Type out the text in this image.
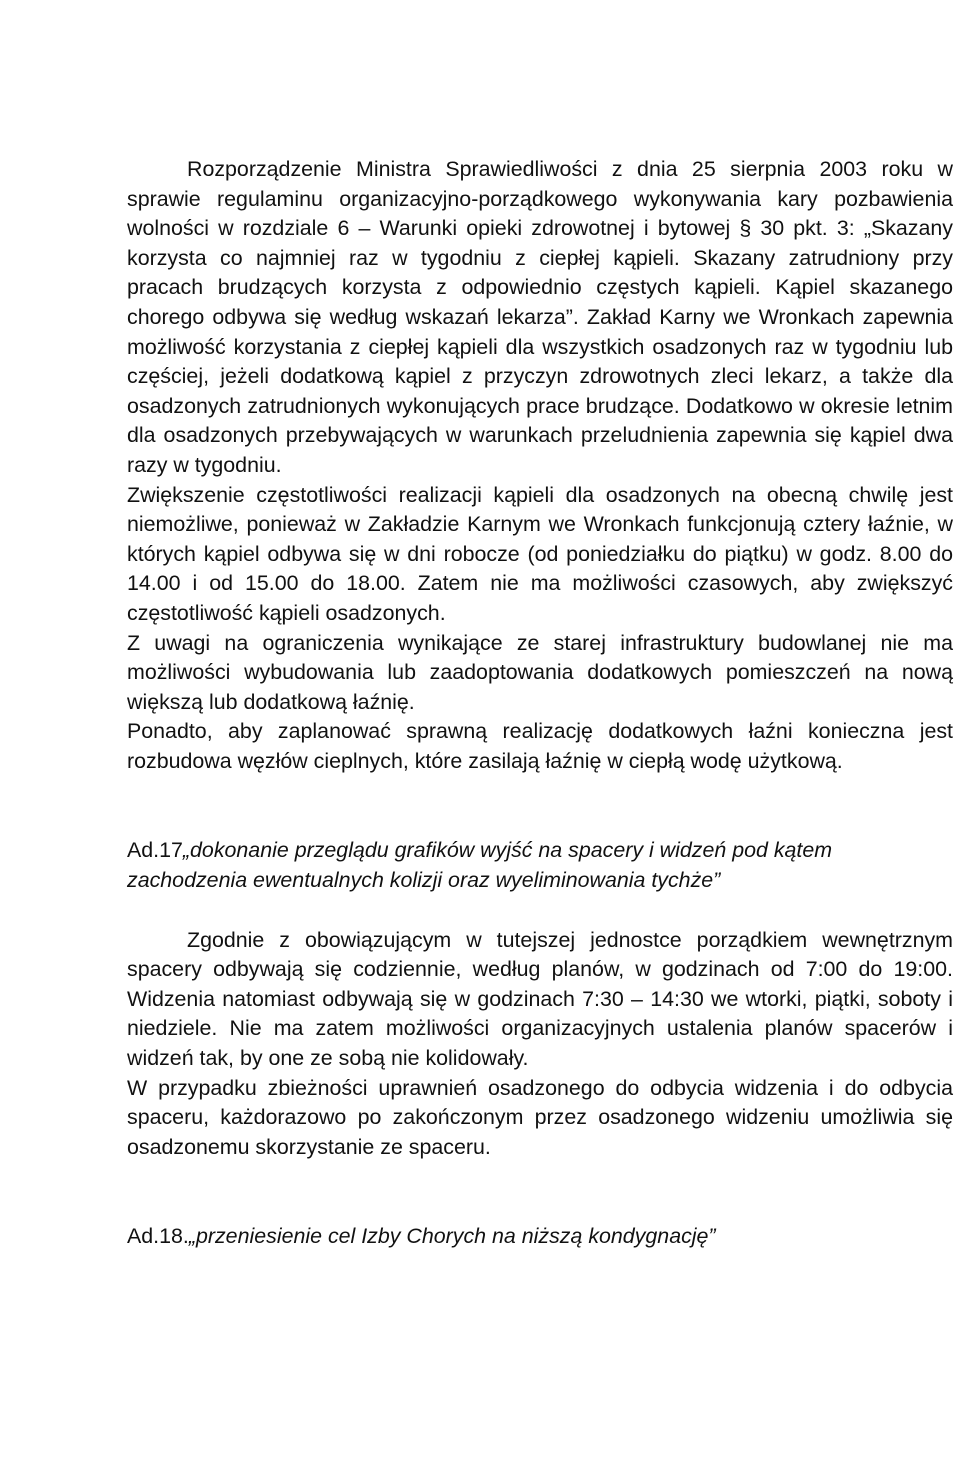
Rozporządzenie Ministra Sprawiedliwości z dnia 25 sierpnia 2003 roku w sprawie regulaminu organizacyjno-porządkowego wykonywania kary pozbawienia wolności w rozdziale 6 – Warunki opieki zdrowotnej i bytowej § 30 pkt. 3: „Skazany korzysta co najmniej raz w tygodniu z ciepłej kąpieli. Skazany zatrudniony przy pracach brudzących korzysta z odpowiednio częstych kąpieli. Kąpiel skazanego chorego odbywa się według wskazań lekarza”. Zakład Karny we Wronkach zapewnia możliwość korzystania z ciepłej kąpieli dla wszystkich osadzonych raz w tygodniu lub częściej, jeżeli dodatkową kąpiel z przyczyn zdrowotnych zleci lekarz, a także dla osadzonych zatrudnionych wykonujących prace brudzące. Dodatkowo w okresie letnim dla osadzonych przebywających w warunkach przeludnienia zapewnia się kąpiel dwa razy w tygodniu.

Zwiększenie częstotliwości realizacji kąpieli dla osadzonych na obecną chwilę jest niemożliwe, ponieważ w Zakładzie Karnym we Wronkach funkcjonują cztery łaźnie, w których kąpiel odbywa się w dni robocze (od poniedziałku do piątku) w godz. 8.00 do 14.00 i od 15.00 do 18.00. Zatem nie ma możliwości czasowych, aby zwiększyć częstotliwość kąpieli osadzonych.

Z uwagi na ograniczenia wynikające ze starej infrastruktury budowlanej nie ma możliwości wybudowania lub zaadoptowania dodatkowych pomieszczeń na nową większą lub dodatkową łaźnię.

Ponadto, aby zaplanować sprawną realizację dodatkowych łaźni konieczna jest rozbudowa węzłów cieplnych, które zasilają łaźnię w ciepłą wodę użytkową.

Ad.17„dokonanie przeglądu grafików wyjść na spacery i widzeń pod kątem zachodzenia ewentualnych kolizji oraz wyeliminowania tychże”

Zgodnie z obowiązującym w tutejszej jednostce porządkiem wewnętrznym spacery odbywają się codziennie, według planów, w godzinach od 7:00 do 19:00. Widzenia natomiast odbywają się w godzinach 7:30 – 14:30 we wtorki, piątki, soboty i niedziele. Nie ma zatem możliwości organizacyjnych ustalenia planów spacerów i widzeń tak, by one ze sobą nie kolidowały.

W przypadku zbieżności uprawnień osadzonego do odbycia widzenia i do odbycia spaceru, każdorazowo po zakończonym przez osadzonego widzeniu umożliwia się osadzonemu skorzystanie ze spaceru.

Ad.18.„przeniesienie cel Izby Chorych na niższą kondygnację”
